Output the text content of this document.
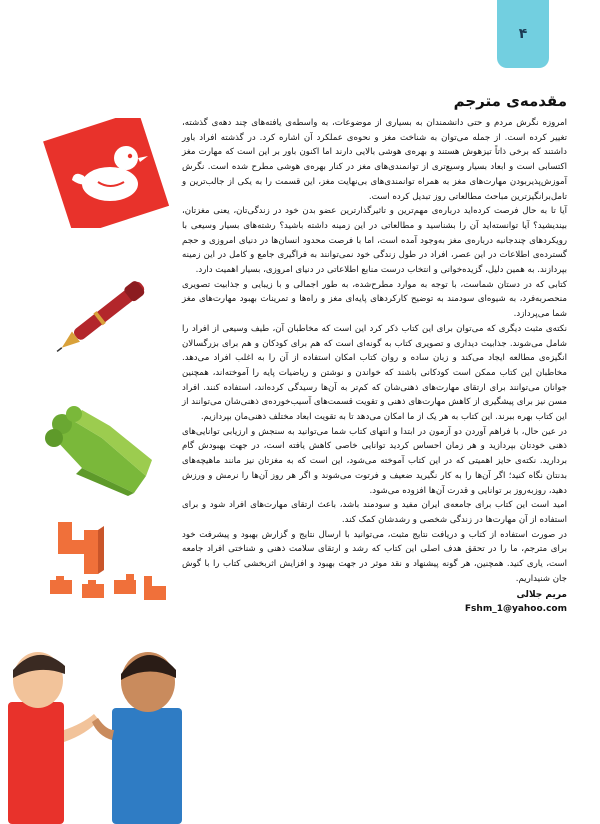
۴
مقدمه‌ی مترجم

امروزه نگرش مردم و حتی دانشمندان به بسیاری از موضوعات، به واسطه‌ی یافته‌های چند دهه‌ی گذشته، تغییر کرده است. از جمله می‌توان به شناخت مغز و نحوه‌ی عملکرد آن اشاره کرد. در گذشته افراد باور داشتند که برخی ذاتاً تیزهوش هستند و بهره‌ی هوشی بالایی دارند اما اکنون باور بر این است که مهارت مغز اکتسابی است و ابعاد بسیار وسیع‌تری از توانمندی‌های مغز در کنار بهره‌ی هوشی مطرح شده است. نگرش آموزش‌پذیربودن مهارت‌های مغز به همراه توانمندی‌های بی‌نهایت مغز، این قسمت را به یکی از جالب‌ترین و تامل‌برانگیزترین مباحث مطالعاتی روز تبدیل کرده است.

آیا تا به حال فرصت کرده‌اید درباره‌ی مهم‌ترین و تاثیرگذارترین عضو بدن خود در زندگی‌تان، یعنی مغزتان، بیندیشید؟ آیا توانسته‌اید آن را بشناسید و مطالعاتی در این زمینه داشته باشید؟ رشته‌های بسیار وسیعی با رویکردهای چندجانبه درباره‌ی مغز به‌وجود آمده است، اما با فرصت محدود انسان‌ها در دنیای امروزی و حجم گسترده‌ی اطلاعات در این عصر، افراد در طول زندگی خود نمی‌توانند به فراگیری جامع و کامل در این زمینه بپردازند. به همین دلیل، گزیده‌خوانی و انتخاب درست منابع اطلاعاتی در دنیای امروزی، بسیار اهمیت دارد.

کتابی که در دستان شماست، با توجه به موارد مطرح‌شده، به طور اجمالی و با زیبایی و جذابیت تصویری منحصربه‌فرد، به شیوه‌ای سودمند به توضیح کارکردهای پایه‌ای مغز و راه‌ها و تمرینات بهبود مهارت‌های مغز شما می‌پردازد.

نکته‌ی مثبت دیگری که می‌توان برای این کتاب ذکر کرد این است که مخاطبان آن، طیف وسیعی از افراد را شامل می‌شوند. جذابیت دیداری و تصویری کتاب به گونه‌ای است که هم برای کودکان و هم برای بزرگسالان انگیزه‌ی مطالعه ایجاد می‌کند و زبان ساده و روان کتاب امکان استفاده از آن را به اغلب افراد می‌دهد. مخاطبان این کتاب ممکن است کودکانی باشند که خواندن و نوشتن و ریاضیات پایه را آموخته‌اند، همچنین جوانان می‌توانند برای ارتقای مهارت‌های ذهنی‌شان که کم‌تر به آن‌ها رسیدگی کرده‌اند، استفاده کنند. افراد مسن نیز برای پیشگیری از کاهش مهارت‌های ذهنی و تقویت قسمت‌های آسیب‌خورده‌ی ذهنی‌شان می‌توانند از این کتاب بهره ببرند. این کتاب به هر یک از ما امکان می‌دهد تا به تقویت ابعاد مختلف ذهنی‌مان بپردازیم.

در عین حال، با فراهم آوردن دو آزمون در ابتدا و انتهای کتاب شما می‌توانید به سنجش و ارزیابی توانایی‌های ذهنی خودتان بپردازید و هر زمان احساس کردید توانایی خاصی کاهش یافته است، در جهت بهبودش گام بردارید. نکته‌ی حایز اهمیتی که در این کتاب آموخته می‌شود، این است که به مغزتان نیز مانند ماهیچه‌های بدنتان نگاه کنید؛ اگر آن‌ها را به کار نگیرید ضعیف و فرتوت می‌شوند و اگر هر روز آن‌ها را نرمش و ورزش دهید، روزبه‌روز بر توانایی و قدرت آن‌ها افزوده می‌شود.

امید است این کتاب برای جامعه‌ی ایران مفید و سودمند باشد، باعث ارتقای مهارت‌های افراد شود و برای استفاده از آن مهارت‌ها در زندگی شخصی و رشدشان کمک کند.

در صورت استفاده از کتاب و دریافت نتایج مثبت، می‌توانید با ارسال نتایج و گزارش بهبود و پیشرفت خود برای مترجم، ما را در تحقق هدف اصلی این کتاب که رشد و ارتقای سلامت ذهنی و شناختی افراد جامعه است، یاری کنید. همچنین، هر گونه پیشنهاد و نقد موثر در جهت بهبود و افزایش اثربخشی کتاب را با گوش جان شنیداریم.

مریم جلالی
Fshm_1@yahoo.com
